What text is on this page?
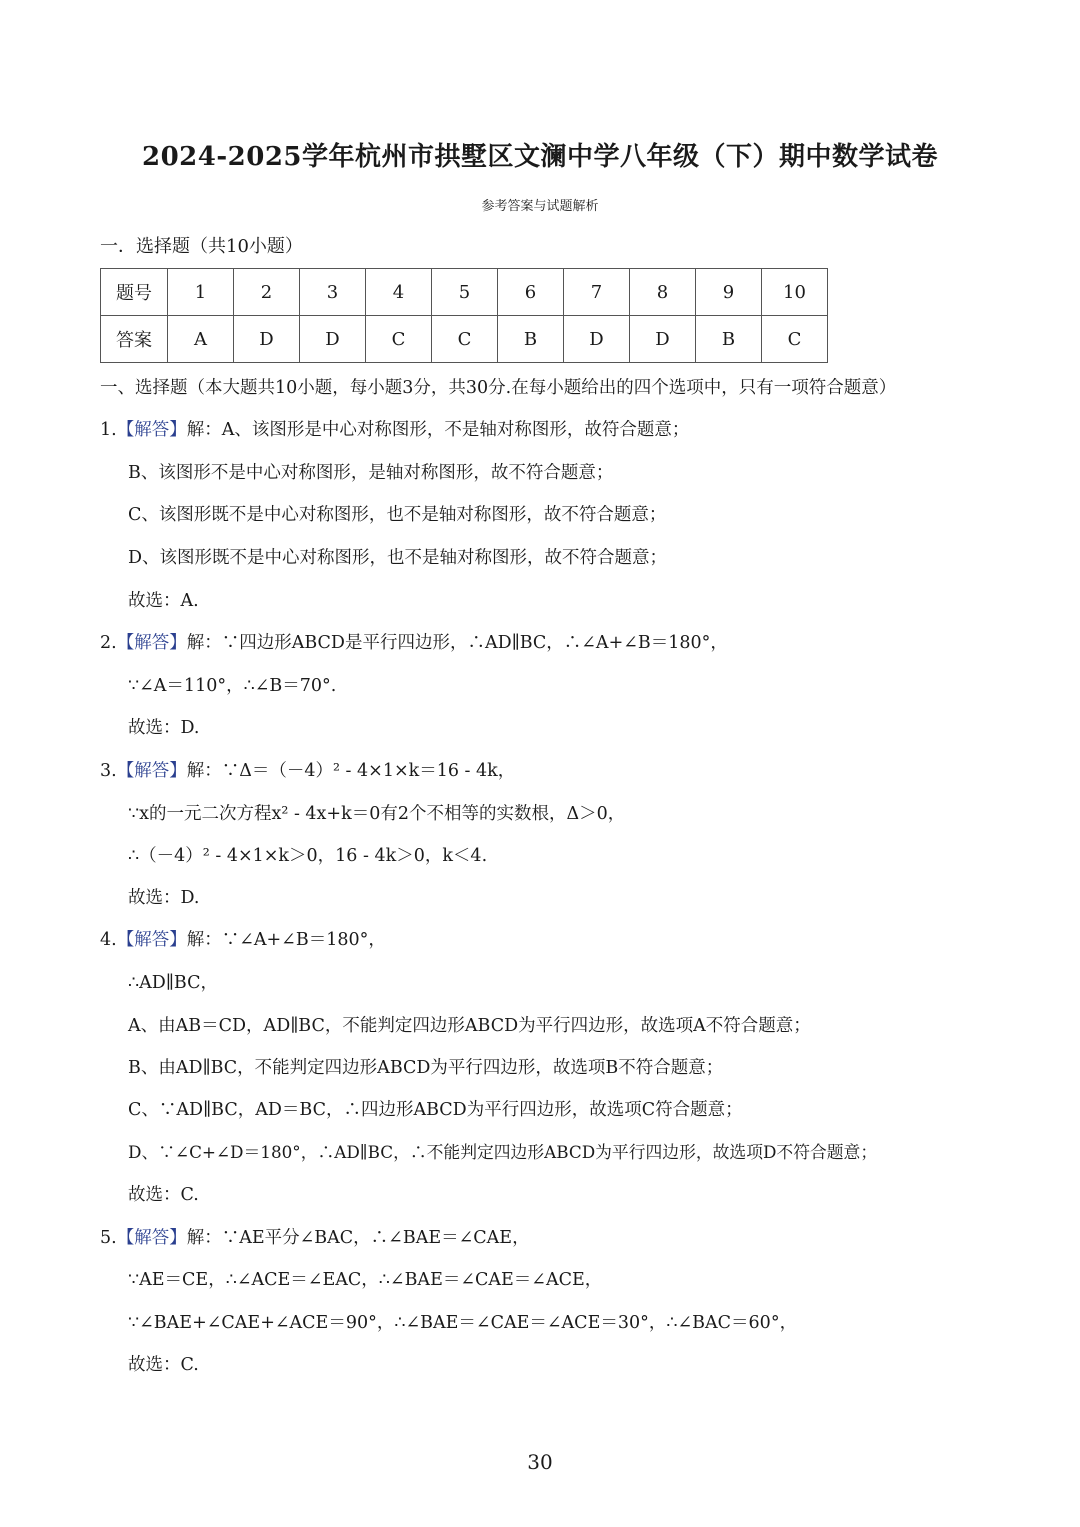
2024-2025学年杭州市拱墅区文澜中学八年级（下）期中数学试卷
参考答案与试题解析
一．选择题（共10小题）
题号	1	2	3	4	5	6	7	8	9	10
答案	A	D	D	C	C	B	D	D	B	C
一、选择题（本大题共10小题，每小题3分，共30分.在每小题给出的四个选项中，只有一项符合题意）
1.【解答】解：A、该图形是中心对称图形，不是轴对称图形，故符合题意；
B、该图形不是中心对称图形，是轴对称图形，故不符合题意；
C、该图形既不是中心对称图形，也不是轴对称图形，故不符合题意；
D、该图形既不是中心对称图形，也不是轴对称图形，故不符合题意；
故选：A.
2.【解答】解：∵四边形ABCD是平行四边形，∴AD∥BC，∴∠A+∠B＝180°，
∵∠A＝110°，∴∠B＝70°.
故选：D.
3.【解答】解：∵Δ＝（－4）² - 4×1×k＝16 - 4k，
∵x的一元二次方程x² - 4x+k＝0有2个不相等的实数根，Δ＞0，
∴（－4）² - 4×1×k＞0，16 - 4k＞0，k＜4.
故选：D.
4.【解答】解：∵∠A+∠B＝180°，
∴AD∥BC，
A、由AB＝CD，AD∥BC，不能判定四边形ABCD为平行四边形，故选项A不符合题意；
B、由AD∥BC，不能判定四边形ABCD为平行四边形，故选项B不符合题意；
C、∵AD∥BC，AD＝BC，∴四边形ABCD为平行四边形，故选项C符合题意；
D、∵∠C+∠D＝180°，∴AD∥BC，∴不能判定四边形ABCD为平行四边形，故选项D不符合题意；
故选：C.
5.【解答】解：∵AE平分∠BAC，∴∠BAE＝∠CAE，
∵AE＝CE，∴∠ACE＝∠EAC，∴∠BAE＝∠CAE＝∠ACE，
∵∠BAE+∠CAE+∠ACE＝90°，∴∠BAE＝∠CAE＝∠ACE＝30°，∴∠BAC＝60°，
故选：C.
30
